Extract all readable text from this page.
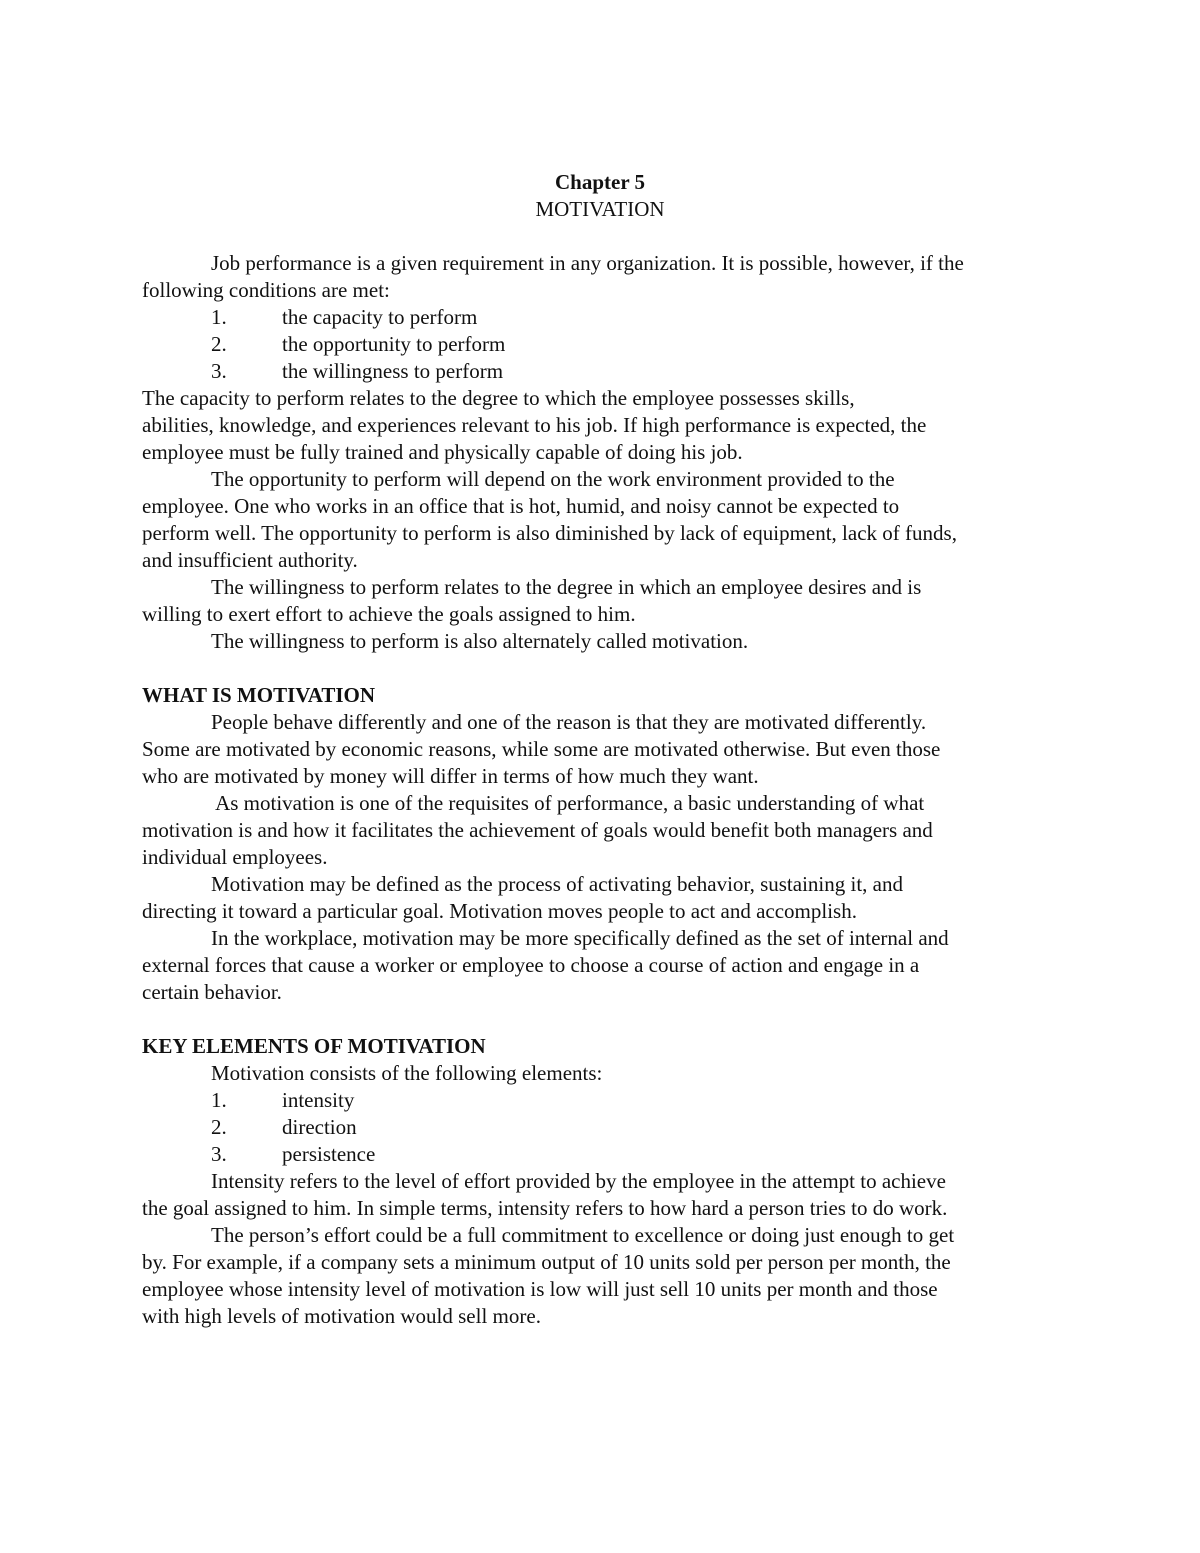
Chapter 5
MOTIVATION
Job performance is a given requirement in any organization. It is possible, however, if the
following conditions are met:
1.	the capacity to perform
2.	the opportunity to perform
3.	the willingness to perform
The capacity to perform relates to the degree to which the employee possesses skills,
abilities, knowledge, and experiences relevant to his job. If high performance is expected, the
employee must be fully trained and physically capable of doing his job.
The opportunity to perform will depend on the work environment provided to the
employee. One who works in an office that is hot, humid, and noisy cannot be expected to
perform well. The opportunity to perform is also diminished by lack of equipment, lack of funds,
and insufficient authority.
The willingness to perform relates to the degree in which an employee desires and is
willing to exert effort to achieve the goals assigned to him.
The willingness to perform is also alternately called motivation.
WHAT IS MOTIVATION
People behave differently and one of the reason is that they are motivated differently.
Some are motivated by economic reasons, while some are motivated otherwise. But even those
who are motivated by money will differ in terms of how much they want.
As motivation is one of the requisites of performance, a basic understanding of what
motivation is and how it facilitates the achievement of goals would benefit both managers and
individual employees.
Motivation may be defined as the process of activating behavior, sustaining it, and
directing it toward a particular goal. Motivation moves people to act and accomplish.
In the workplace, motivation may be more specifically defined as the set of internal and
external forces that cause a worker or employee to choose a course of action and engage in a
certain behavior.
KEY ELEMENTS OF MOTIVATION
Motivation consists of the following elements:
1.	intensity
2.	direction
3.	persistence
Intensity refers to the level of effort provided by the employee in the attempt to achieve
the goal assigned to him. In simple terms, intensity refers to how hard a person tries to do work.
The person’s effort could be a full commitment to excellence or doing just enough to get
by. For example, if a company sets a minimum output of 10 units sold per person per month, the
employee whose intensity level of motivation is low will just sell 10 units per month and those
with high levels of motivation would sell more.
